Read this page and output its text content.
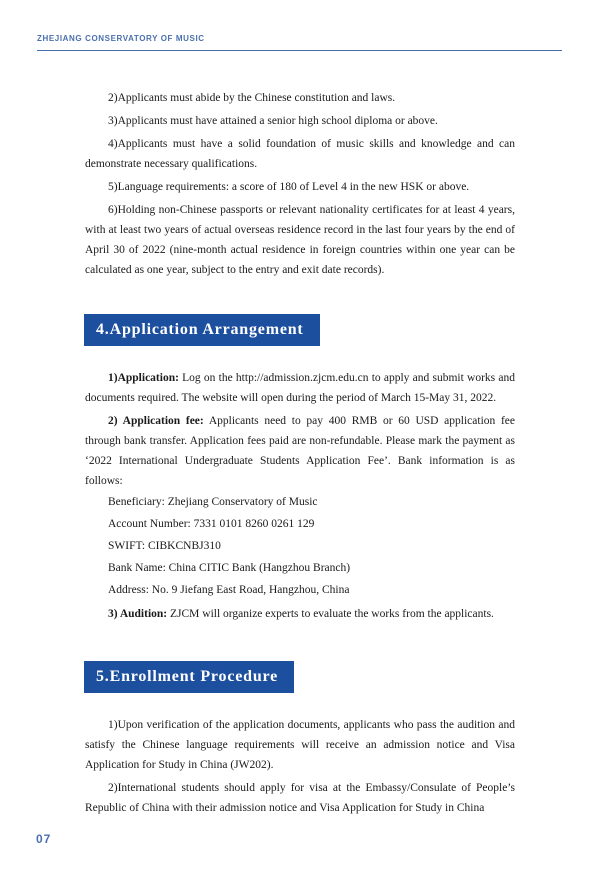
ZHEJIANG CONSERVATORY OF MUSIC

2)Applicants must abide by the Chinese constitution and laws.

3)Applicants must have attained a senior high school diploma or above.

4)Applicants must have a solid foundation of music skills and knowledge and can demonstrate necessary qualifications.

5)Language requirements: a score of 180 of Level 4 in the new HSK or above.

6)Holding non-Chinese passports or relevant nationality certificates for at least 4 years, with at least two years of actual overseas residence record in the last four years by the end of April 30 of 2022 (nine-month actual residence in foreign countries within one year can be calculated as one year, subject to the entry and exit date records).

4.Application Arrangement

1)Application: Log on the http://admission.zjcm.edu.cn to apply and submit works and documents required. The website will open during the period of March 15-May 31, 2022.

2) Application fee: Applicants need to pay 400 RMB or 60 USD application fee through bank transfer. Application fees paid are non-refundable. Please mark the payment as ‘2022 International Undergraduate Students Application Fee’. Bank information is as follows:

Beneficiary: Zhejiang Conservatory of Music

Account Number: 7331 0101 8260 0261 129

SWIFT: CIBKCNBJ310

Bank Name: China CITIC Bank (Hangzhou Branch)

Address: No. 9 Jiefang East Road, Hangzhou, China

3) Audition: ZJCM will organize experts to evaluate the works from the applicants.

5.Enrollment Procedure

1)Upon verification of the application documents, applicants who pass the audition and satisfy the Chinese language requirements will receive an admission notice and Visa Application for Study in China (JW202).

2)International students should apply for visa at the Embassy/Consulate of People’s Republic of China with their admission notice and Visa Application for Study in China

07
